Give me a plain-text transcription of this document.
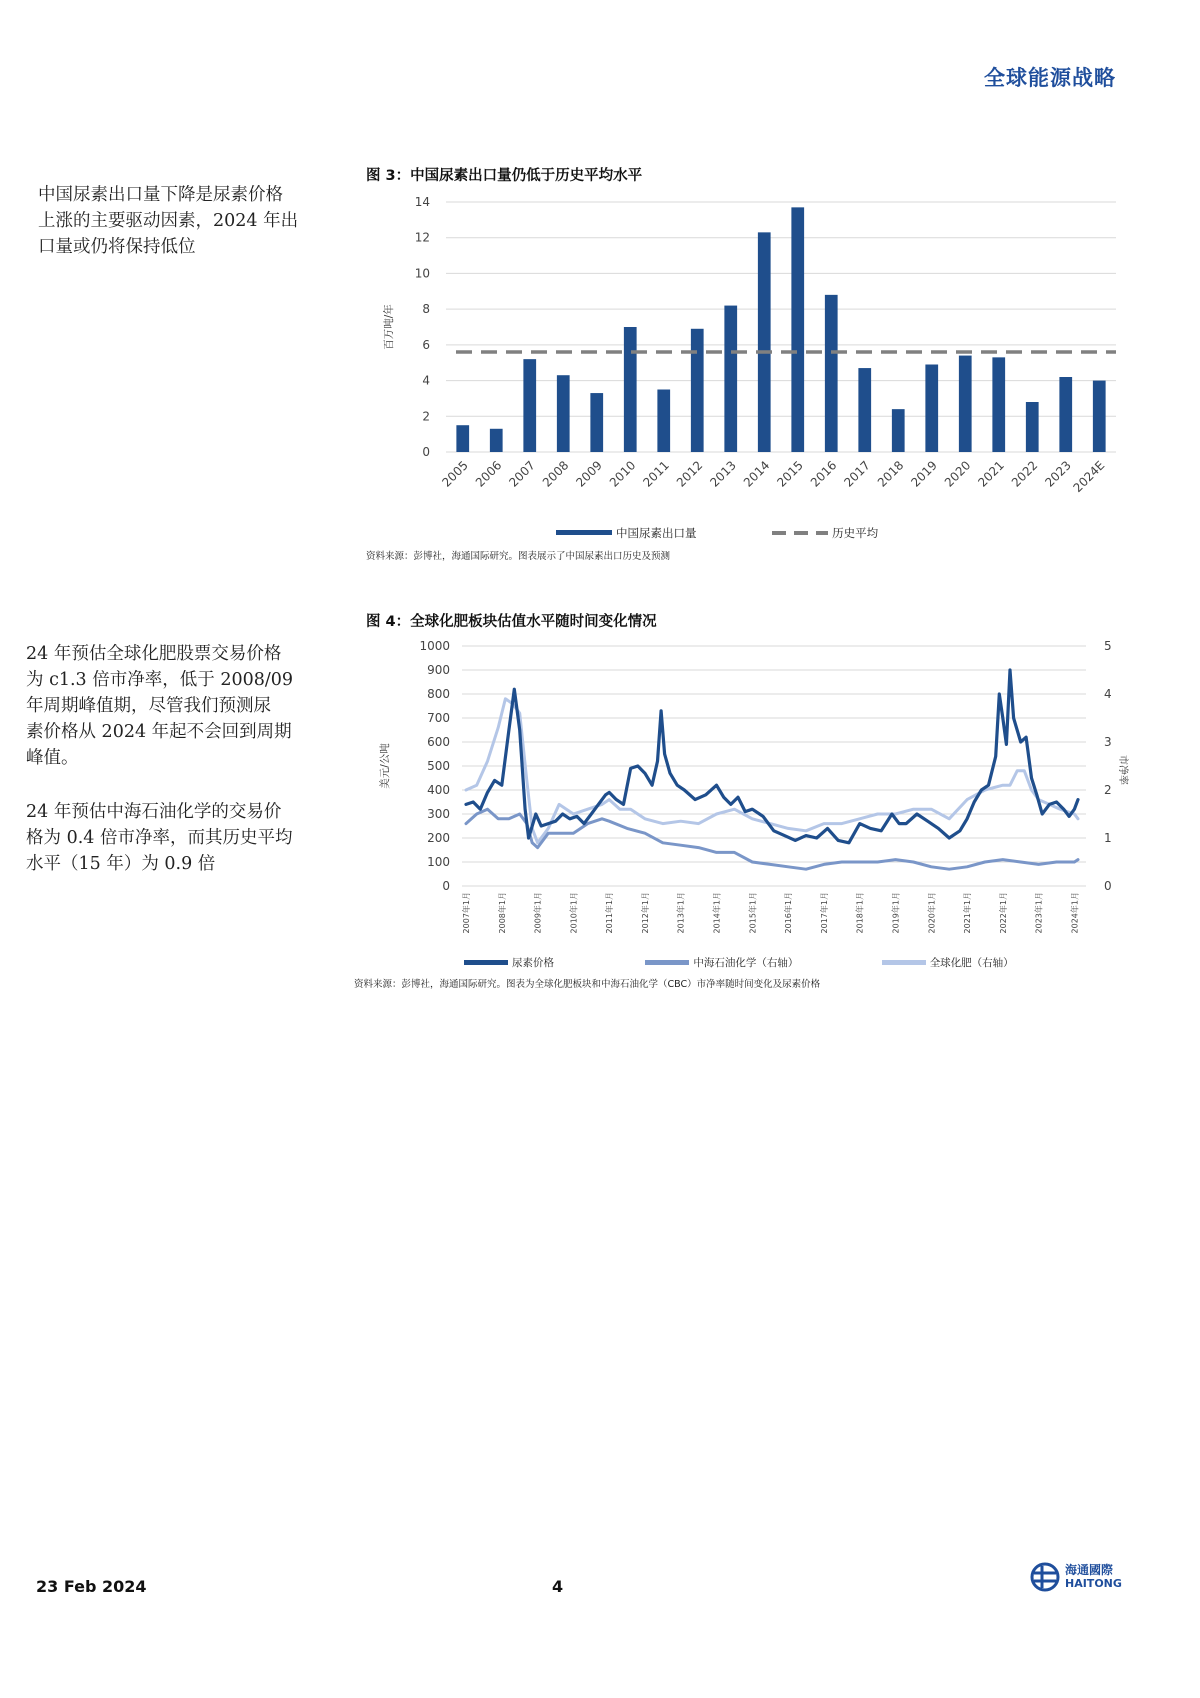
全球能源战略
中国尿素出口量下降是尿素价格
上涨的主要驱动因素，2024 年出
口量或仍将保持低位
24 年预估全球化肥股票交易价格
为 c1.3 倍市净率，低于 2008/09
年周期峰值期，尽管我们预测尿
素价格从 2024 年起不会回到周期
峰值。
24 年预估中海石油化学的交易价
格为 0.4 倍市净率，而其历史平均
水平（15 年）为 0.9 倍
图 3：中国尿素出口量仍低于历史平均水平
0
2
4
6
8
10
12
14
百万吨/年
2005 2006 2007 2008 2009 2010 2011 2012 2013 2014 2015 2016 2017 2018 2019 2020 2021 2022 2023
2024E
中国尿素出口量
	历史平均
资料来源：彭博社，海通国际研究。图表展示了中国尿素出口历史及预测
图 4：全球化肥板块估值水平随时间变化情况
0
100
200
300
400
500
600
700
800
900
1000
0
1
2
3
4
5
美元/公吨	市净率
2007年1月	2008年1月	2009年1月	2010年1月	2011年1月	2012年1月	2013年1月	2014年1月	2015年1月	2016年1月	2017年1月	2018年1月	2019年1月	2020年1月	2021年1月	2022年1月	2023年1月	2024年1月
尿素价格
	中海石油化学（右轴）
	全球化肥（右轴）
资料来源：彭博社，海通国际研究。图表为全球化肥板块和中海石油化学（CBC）市净率随时间变化及尿素价格
23 Feb 2024	4
海通國際
HAITONG
